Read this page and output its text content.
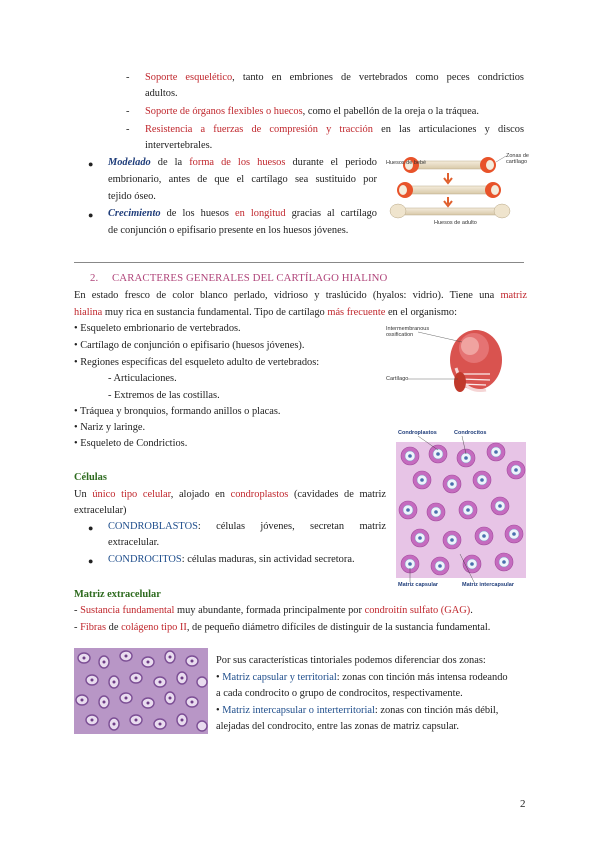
- Soporte esquelético, tanto en embriones de vertebrados como peces condrictios
adultos.
- Soporte de órganos flexibles o huecos, como el pabellón de la oreja o la tráquea.
- Resistencia a fuerzas de compresión y tracción en las articulaciones y discos
intervertebrales.
● Modelado de la forma de los huesos durante el periodo
embrionario, antes de que el cartílago sea sustituido por
tejido óseo.
● Crecimiento de los huesos en longitud gracias al cartílago
de conjunción o epifisario presente en los huesos jóvenes.
Huesos de bebé
Zonas de cartílago
Huesos de adulto
2. CARACTERES GENERALES DEL CARTÍLAGO HIALINO
En estado fresco de color blanco perlado, vidrioso y traslúcido (hyalos: vidrio). Tiene una matriz
hialina muy rica en sustancia fundamental. Tipo de cartílago más frecuente en el organismo:
• Esqueleto embrionario de vertebrados.
• Cartílago de conjunción o epifisario (huesos jóvenes).
• Regiones específicas del esqueleto adulto de vertebrados:
- Articulaciones.
- Extremos de las costillas.
• Tráquea y bronquios, formando anillos o placas.
• Nariz y laringe.
• Esqueleto de Condrictios.
Intermembranous ossification
Cartílago
Células
Un único tipo celular, alojado en condroplastos (cavidades de matriz
extracelular)
● CONDROBLASTOS: células jóvenes, secretan matriz
extracelular.
● CONDROCITOS: células maduras, sin actividad secretora.
Condroplastos	Condrocitos
Matriz capsular	Matriz intercapsular
Matriz extracelular
- Sustancia fundamental muy abundante, formada principalmente por condroitín sulfato (GAG).
- Fibras de colágeno tipo II, de pequeño diámetro difíciles de distinguir de la sustancia fundamental.
Por sus características tintoriales podemos diferenciar dos zonas:
• Matriz capsular y territorial: zonas con tinción más intensa rodeando
a cada condrocito o grupo de condrocitos, respectivamente.
• Matriz intercapsular o interterritorial: zonas con tinción más débil,
alejadas del condrocito, entre las zonas de matriz capsular.
2
